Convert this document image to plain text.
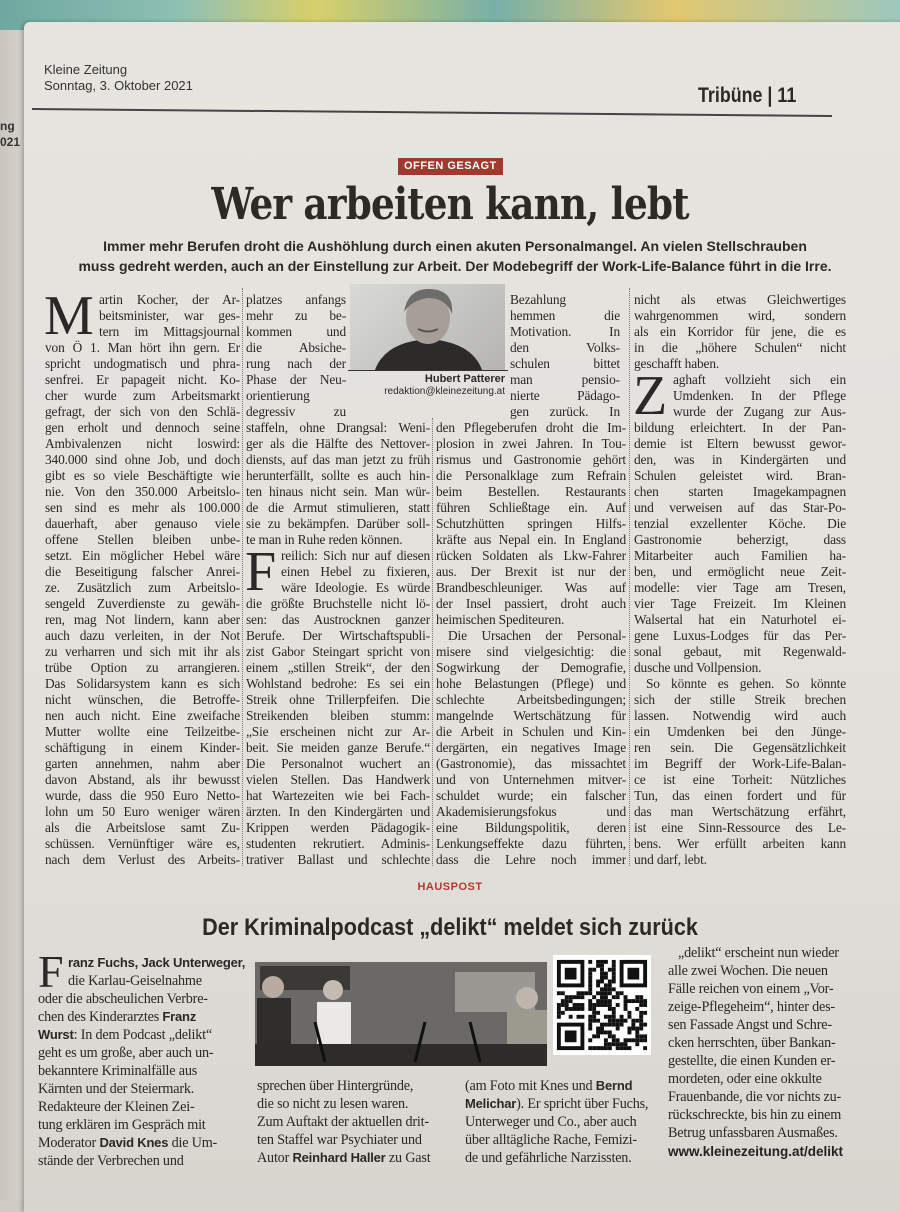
ng
021
Kleine Zeitung
Sonntag, 3. Oktober 2021	Tribüne | 11
OFFEN GESAGT
Wer arbeiten kann, lebt
Immer mehr Berufen droht die Aushöhlung durch einen akuten Personalmangel. An vielen Stellschrauben
muss gedreht werden, auch an der Einstellung zur Arbeit. Der Modebegriff der Work-Life-Balance führt in die Irre.
Hubert Patterer
redaktion@kleinezeitung.at
artin Kocher, der Ar-
beitsminister, war ges-
tern im Mittagsjournal
von Ö 1. Man hört ihn gern. Er
spricht undogmatisch und phra-
senfrei. Er papageit nicht. Ko-
cher wurde zum Arbeitsmarkt
gefragt, der sich von den Schlä-
gen erholt und dennoch seine
Ambivalenzen nicht loswird:
340.000 sind ohne Job, und doch
gibt es so viele Beschäftigte wie
nie. Von den 350.000 Arbeitslo-
sen sind es mehr als 100.000
dauerhaft, aber genauso viele
offene Stellen bleiben unbe-
setzt. Ein möglicher Hebel wäre
die Beseitigung falscher Anrei-
ze. Zusätzlich zum Arbeitslo-
sengeld Zuverdienste zu gewäh-
ren, mag Not lindern, kann aber
auch dazu verleiten, in der Not
zu verharren und sich mit ihr als
trübe Option zu arrangieren.
Das Solidarsystem kann es sich
nicht wünschen, die Betroffe-
nen auch nicht. Eine zweifache
Mutter wollte eine Teilzeitbe-
schäftigung in einem Kinder-
garten annehmen, nahm aber
davon Abstand, als ihr bewusst
wurde, dass die 950 Euro Netto-
lohn um 50 Euro weniger wären
als die Arbeitslose samt Zu-
schüssen. Vernünftiger wäre es,
nach dem Verlust des Arbeits-
M	platzes anfangs
mehr zu be-
kommen und
die Absiche-
rung nach der
Phase der Neu-
orientierung
degressiv zu
staffeln, ohne Drangsal: Weni-
ger als die Hälfte des Nettover-
diensts, auf das man jetzt zu früh
herunterfällt, sollte es auch hin-
ten hinaus nicht sein. Man wür-
de die Armut stimulieren, statt
sie zu bekämpfen. Darüber soll-
te man in Ruhe reden können.
reilich: Sich nur auf diesen
einen Hebel zu fixieren,
wäre Ideologie. Es würde
die größte Bruchstelle nicht lö-
sen: das Austrocknen ganzer
Berufe. Der Wirtschaftspubli-
zist Gabor Steingart spricht von
einem „stillen Streik“, der den
Wohlstand bedrohe: Es sei ein
Streik ohne Trillerpfeifen. Die
Streikenden bleiben stumm:
„Sie erscheinen nicht zur Ar-
beit. Sie meiden ganze Berufe.“
Die Personalnot wuchert an
vielen Stellen. Das Handwerk
hat Wartezeiten wie bei Fach-
ärzten. In den Kindergärten und
Krippen werden Pädagogik-
studenten rekrutiert. Adminis-
trativer Ballast und schlechte
F
Bezahlung
hemmen die
Motivation. In
den Volks-
schulen bittet
man pensio-
nierte Pädago-
gen zurück. In
den Pflegeberufen droht die Im-
plosion in zwei Jahren. In Tou-
rismus und Gastronomie gehört
die Personalklage zum Refrain
beim Bestellen. Restaurants
führen Schließtage ein. Auf
Schutzhütten springen Hilfs-
kräfte aus Nepal ein. In England
rücken Soldaten als Lkw-Fahrer
aus. Der Brexit ist nur der
Brandbeschleuniger. Was auf
der Insel passiert, droht auch
heimischen Spediteuren.
Die Ursachen der Personal-
misere sind vielgesichtig: die
Sogwirkung der Demografie,
hohe Belastungen (Pflege) und
schlechte Arbeitsbedingungen;
mangelnde Wertschätzung für
die Arbeit in Schulen und Kin-
dergärten, ein negatives Image
(Gastronomie), das missachtet
und von Unternehmen mitver-
schuldet wurde; ein falscher
Akademisierungsfokus und
eine Bildungspolitik, deren
Lenkungseffekte dazu führten,
dass die Lehre noch immer
nicht als etwas Gleichwertiges
wahrgenommen wird, sondern
als ein Korridor für jene, die es
in die „höhere Schulen“ nicht
geschafft haben.
aghaft vollzieht sich ein
Umdenken. In der Pflege
wurde der Zugang zur Aus-
bildung erleichtert. In der Pan-
demie ist Eltern bewusst gewor-
den, was in Kindergärten und
Schulen geleistet wird. Bran-
chen starten Imagekampagnen
und verweisen auf das Star-Po-
tenzial exzellenter Köche. Die
Gastronomie beherzigt, dass
Mitarbeiter auch Familien ha-
ben, und ermöglicht neue Zeit-
modelle: vier Tage am Tresen,
vier Tage Freizeit. Im Kleinen
Walsertal hat ein Naturhotel ei-
gene Luxus-Lodges für das Per-
sonal gebaut, mit Regenwald-
dusche und Vollpension.
So könnte es gehen. So könnte
sich der stille Streik brechen
lassen. Notwendig wird auch
ein Umdenken bei den Jünge-
ren sein. Die Gegensätzlichkeit
im Begriff der Work-Life-Balan-
ce ist eine Torheit: Nützliches
Tun, das einen fordert und für
das man Wertschätzung erfährt,
ist eine Sinn-Ressource des Le-
bens. Wer erfüllt arbeiten kann
und darf, lebt.
Z
HAUSPOST
Der Kriminalpodcast „delikt“ meldet sich zurück
ranz Fuchs, Jack Unterweger,
die Karlau-Geiselnahme
oder die abscheulichen Verbre-
chen des Kinderarztes Franz
Wurst: In dem Podcast „delikt“
geht es um große, aber auch un-
bekanntere Kriminalfälle aus
Kärnten und der Steiermark.
Redakteure der Kleinen Zei-
tung erklären im Gespräch mit
Moderator David Knes die Um-
stände der Verbrechen und
F
sprechen über Hintergründe,
die so nicht zu lesen waren.
Zum Auftakt der aktuellen drit-
ten Staffel war Psychiater und
Autor Reinhard Haller zu Gast
(am Foto mit Knes und Bernd
Melichar). Er spricht über Fuchs,
Unterweger und Co., aber auch
über alltägliche Rache, Femizi-
de und gefährliche Narzissten.
„delikt“ erscheint nun wieder
alle zwei Wochen. Die neuen
Fälle reichen von einem „Vor-
zeige-Pflegeheim“, hinter des-
sen Fassade Angst und Schre-
cken herrschten, über Bankan-
gestellte, die einen Kunden er-
mordeten, oder eine okkulte
Frauenbande, die vor nichts zu-
rückschreckte, bis hin zu einem
Betrug unfassbaren Ausmaßes.
www.kleinezeitung.at/delikt
